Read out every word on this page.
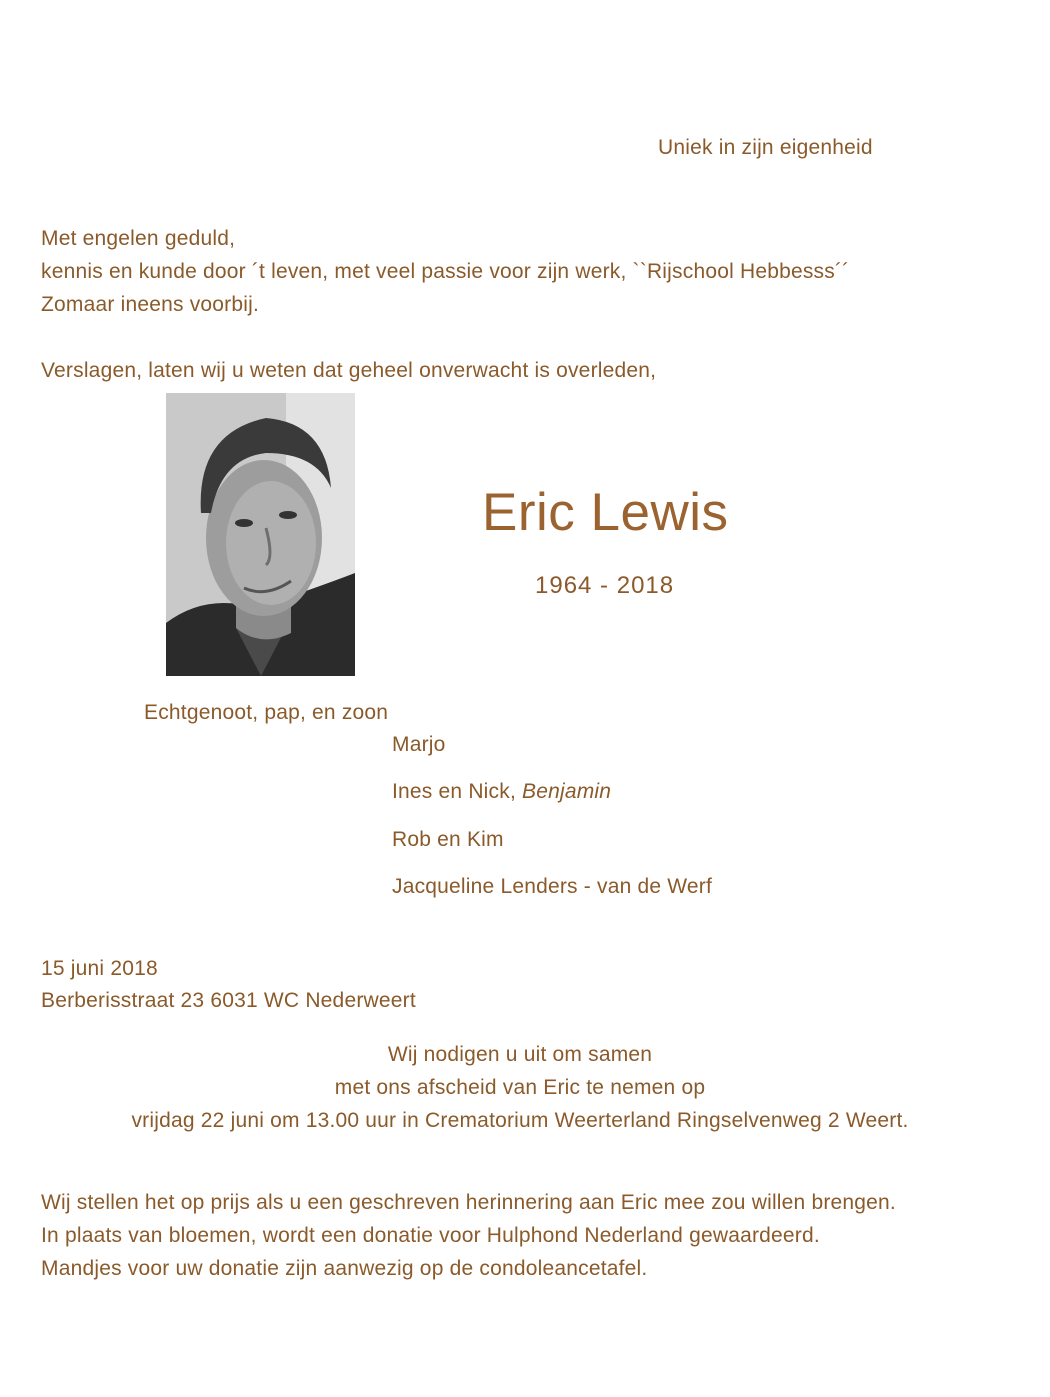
Uniek in zijn eigenheid
Met engelen geduld,
kennis en kunde door ´t leven, met veel passie voor zijn werk, ``Rijschool Hebbesss´´
Zomaar ineens voorbij.
Verslagen, laten wij u weten dat geheel onverwacht is overleden,
Eric Lewis
1964 - 2018
Echtgenoot, pap, en zoon
Marjo
Ines en Nick, Benjamin
Rob en Kim
Jacqueline Lenders - van de Werf
15 juni 2018
Berberisstraat 23 6031 WC Nederweert
Wij nodigen u uit om samen
met ons afscheid van Eric te nemen op
vrijdag 22 juni om 13.00 uur in Crematorium Weerterland Ringselvenweg 2 Weert.
Wij stellen het op prijs als u een geschreven herinnering aan Eric mee zou willen brengen.
In plaats van bloemen, wordt een donatie voor Hulphond Nederland gewaardeerd.
Mandjes voor uw donatie zijn aanwezig op de condoleancetafel.
